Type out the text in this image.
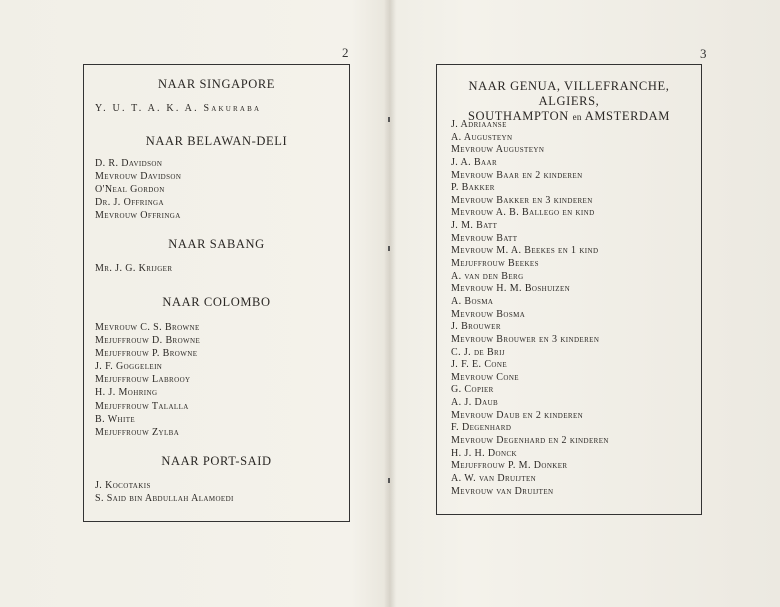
2
NAAR SINGAPORE
Y. U. T. A. K. A. Sakuraba
NAAR BELAWAN-DELI
D. R. Davidson
Mevrouw Davidson
O'Neal Gordon
Dr. J. Offringa
Mevrouw Offringa
NAAR SABANG
Mr. J. G. Krijger
NAAR COLOMBO
Mevrouw C. S. Browne
Mejuffrouw D. Browne
Mejuffrouw P. Browne
J. F. Goggelein
Mejuffrouw Labrooy
H. J. Mohring
Mejuffrouw Talalla
B. White
Mejuffrouw Zylba
NAAR PORT-SAID
J. Kocotakis
S. Said bin Abdullah Alamoedi
3
NAAR GENUA, VILLEFRANCHE, ALGIERS,
SOUTHAMPTON en AMSTERDAM
J. Adriaanse
A. Augusteyn
Mevrouw Augusteyn
J. A. Baar
Mevrouw Baar en 2 kinderen
P. Bakker
Mevrouw Bakker en 3 kinderen
Mevrouw A. B. Ballego en kind
J. M. Batt
Mevrouw Batt
Mevrouw M. A. Beekes en 1 kind
Mejuffrouw Beekes
A. van den Berg
Mevrouw H. M. Boshuizen
A. Bosma
Mevrouw Bosma
J. Brouwer
Mevrouw Brouwer en 3 kinderen
C. J. de Brij
J. F. E. Cone
Mevrouw Cone
G. Copier
A. J. Daub
Mevrouw Daub en 2 kinderen
F. Degenhard
Mevrouw Degenhard en 2 kinderen
H. J. H. Donck
Mejuffrouw P. M. Donker
A. W. van Druijten
Mevrouw van Druijten
